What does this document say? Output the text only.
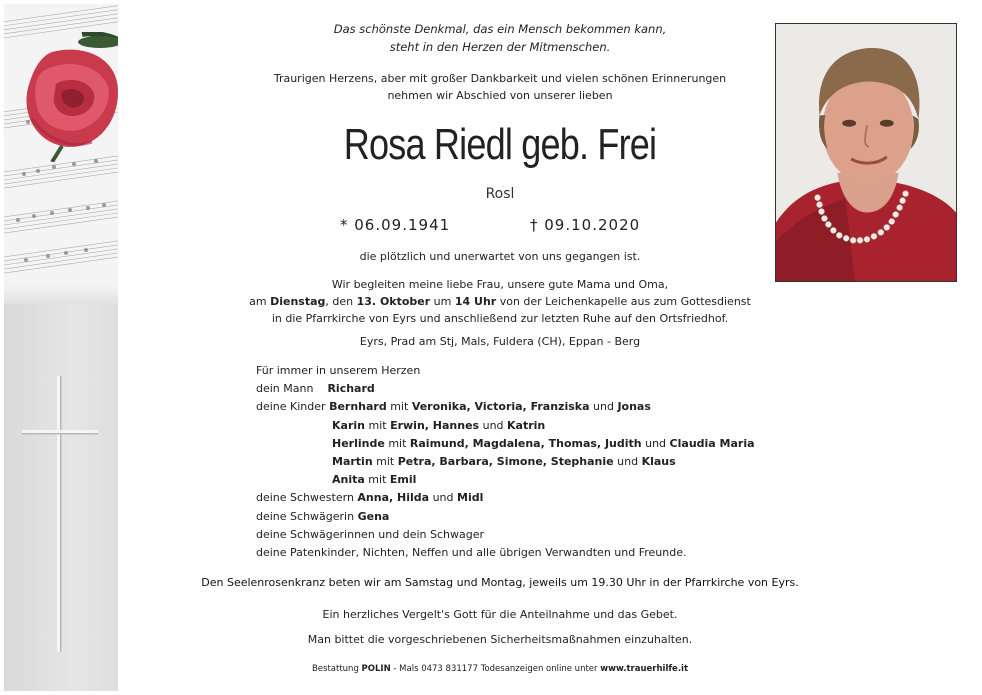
Das schönste Denkmal, das ein Mensch bekommen kann,
steht in den Herzen der Mitmenschen.
Traurigen Herzens, aber mit großer Dankbarkeit und vielen schönen Erinnerungen
nehmen wir Abschied von unserer lieben
Rosa Riedl geb. Frei
Rosl
* 06.09.1941	† 09.10.2020
die plötzlich und unerwartet von uns gegangen ist.
Wir begleiten meine liebe Frau, unsere gute Mama und Oma,
am Dienstag, den 13. Oktober um 14 Uhr von der Leichenkapelle aus zum Gottesdienst
in die Pfarrkirche von Eyrs und anschließend zur letzten Ruhe auf den Ortsfriedhof.
Eyrs, Prad am Stj, Mals, Fuldera (CH), Eppan - Berg
Für immer in unserem Herzen
dein Mann Richard
deine Kinder Bernhard mit Veronika, Victoria, Franziska und Jonas
Karin mit Erwin, Hannes und Katrin
Herlinde mit Raimund, Magdalena, Thomas, Judith und Claudia Maria
Martin mit Petra, Barbara, Simone, Stephanie und Klaus
Anita mit Emil
deine Schwestern Anna, Hilda und Midl
deine Schwägerin Gena
deine Schwägerinnen und dein Schwager
deine Patenkinder, Nichten, Neffen und alle übrigen Verwandten und Freunde.
Den Seelenrosenkranz beten wir am Samstag und Montag, jeweils um 19.30 Uhr in der Pfarrkirche von Eyrs.
Ein herzliches Vergelt's Gott für die Anteilnahme und das Gebet.
Man bittet die vorgeschriebenen Sicherheitsmaßnahmen einzuhalten.
Bestattung POLIN - Mals 0473 831177 Todesanzeigen online unter www.trauerhilfe.it
